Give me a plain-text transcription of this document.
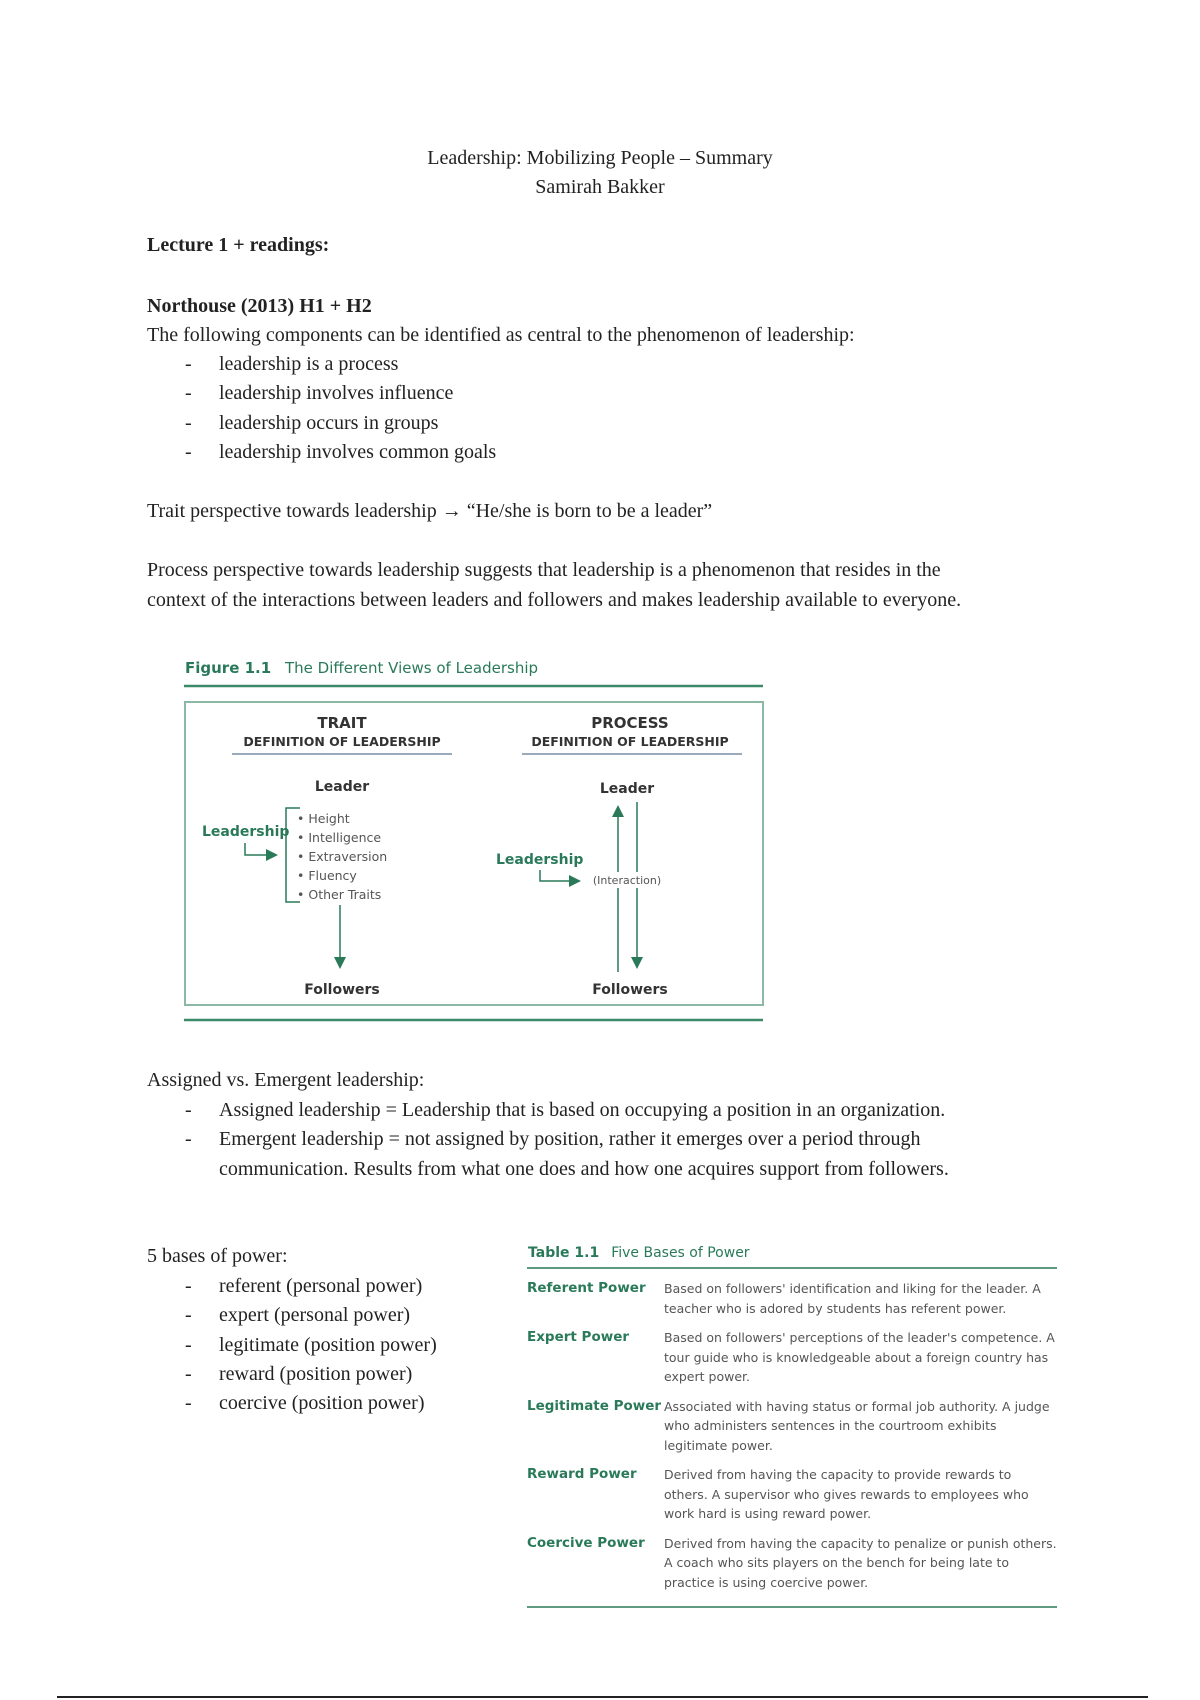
Leadership: Mobilizing People – Summary
Samirah Bakker
Lecture 1 + readings:
Northouse (2013) H1 + H2
The following components can be identified as central to the phenomenon of leadership:
- leadership is a process
- leadership involves influence
- leadership occurs in groups
- leadership involves common goals
Trait perspective towards leadership → “He/she is born to be a leader”
Process perspective towards leadership suggests that leadership is a phenomenon that resides in the
context of the interactions between leaders and followers and makes leadership available to everyone.
Figure 1.1 The Different Views of Leadership
TRAIT
DEFINITION OF LEADERSHIP
Leader
Leadership
• Height
• Intelligence
• Extraversion
• Fluency
• Other Traits
Followers
PROCESS
DEFINITION OF LEADERSHIP
Leader
(Interaction)
Leadership
Followers
Assigned vs. Emergent leadership:
- Assigned leadership = Leadership that is based on occupying a position in an organization.
- Emergent leadership = not assigned by position, rather it emerges over a period through
communication. Results from what one does and how one acquires support from followers.
5 bases of power:
- referent (personal power)
- expert (personal power)
- legitimate (position power)
- reward (position power)
- coercive (position power)
Table 1.1 Five Bases of Power
Referent Power	Based on followers' identification and liking for the leader. A teacher who is adored by students has referent power.
Expert Power	Based on followers' perceptions of the leader's competence. A tour guide who is knowledgeable about a foreign country has expert power.
Legitimate Power Associated with having status or formal job authority. A judge who administers sentences in the courtroom exhibits legitimate power.
Reward Power	Derived from having the capacity to provide rewards to others. A supervisor who gives rewards to employees who work hard is using reward power.
Coercive Power	Derived from having the capacity to penalize or punish others. A coach who sits players on the bench for being late to practice is using coercive power.
